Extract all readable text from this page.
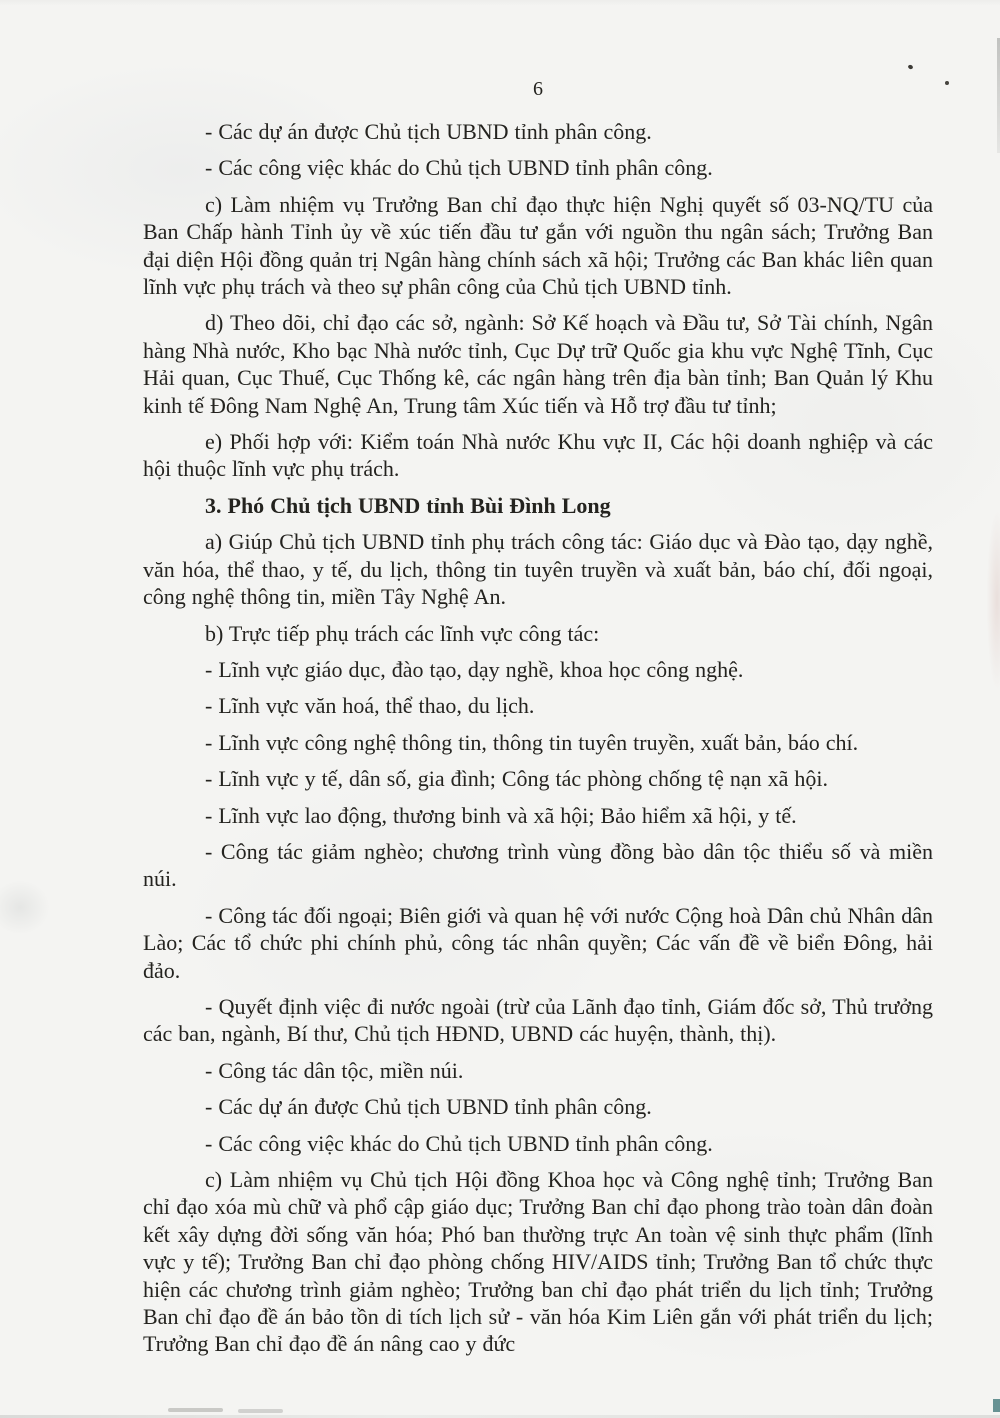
6

- Các dự án được Chủ tịch UBND tỉnh phân công.

- Các công việc khác do Chủ tịch UBND tỉnh phân công.

c) Làm nhiệm vụ Trưởng Ban chỉ đạo thực hiện Nghị quyết số 03-NQ/TU của Ban Chấp hành Tỉnh ủy về xúc tiến đầu tư gắn với nguồn thu ngân sách; Trưởng Ban đại diện Hội đồng quản trị Ngân hàng chính sách xã hội; Trưởng các Ban khác liên quan lĩnh vực phụ trách và theo sự phân công của Chủ tịch UBND tỉnh.

d) Theo dõi, chỉ đạo các sở, ngành: Sở Kế hoạch và Đầu tư, Sở Tài chính, Ngân hàng Nhà nước, Kho bạc Nhà nước tỉnh, Cục Dự trữ Quốc gia khu vực Nghệ Tĩnh, Cục Hải quan, Cục Thuế, Cục Thống kê, các ngân hàng trên địa bàn tỉnh; Ban Quản lý Khu kinh tế Đông Nam Nghệ An, Trung tâm Xúc tiến và Hỗ trợ đầu tư tỉnh;

e) Phối hợp với: Kiểm toán Nhà nước Khu vực II, Các hội doanh nghiệp và các hội thuộc lĩnh vực phụ trách.

3. Phó Chủ tịch UBND tỉnh Bùi Đình Long

a) Giúp Chủ tịch UBND tỉnh phụ trách công tác: Giáo dục và Đào tạo, dạy nghề, văn hóa, thể thao, y tế, du lịch, thông tin tuyên truyền và xuất bản, báo chí, đối ngoại, công nghệ thông tin, miền Tây Nghệ An.

b) Trực tiếp phụ trách các lĩnh vực công tác:

- Lĩnh vực giáo dục, đào tạo, dạy nghề, khoa học công nghệ.

- Lĩnh vực văn hoá, thể thao, du lịch.

- Lĩnh vực công nghệ thông tin, thông tin tuyên truyền, xuất bản, báo chí.

- Lĩnh vực y tế, dân số, gia đình; Công tác phòng chống tệ nạn xã hội.

- Lĩnh vực lao động, thương binh và xã hội; Bảo hiểm xã hội, y tế.

- Công tác giảm nghèo; chương trình vùng đồng bào dân tộc thiểu số và miền núi.

- Công tác đối ngoại; Biên giới và quan hệ với nước Cộng hoà Dân chủ Nhân dân Lào; Các tổ chức phi chính phủ, công tác nhân quyền; Các vấn đề về biển Đông, hải đảo.

- Quyết định việc đi nước ngoài (trừ của Lãnh đạo tỉnh, Giám đốc sở, Thủ trưởng các ban, ngành, Bí thư, Chủ tịch HĐND, UBND các huyện, thành, thị).

- Công tác dân tộc, miền núi.

- Các dự án được Chủ tịch UBND tỉnh phân công.

- Các công việc khác do Chủ tịch UBND tỉnh phân công.

c) Làm nhiệm vụ Chủ tịch Hội đồng Khoa học và Công nghệ tỉnh; Trưởng Ban chỉ đạo xóa mù chữ và phổ cập giáo dục; Trưởng Ban chỉ đạo phong trào toàn dân đoàn kết xây dựng đời sống văn hóa; Phó ban thường trực An toàn vệ sinh thực phẩm (lĩnh vực y tế); Trưởng Ban chỉ đạo phòng chống HIV/AIDS tỉnh; Trưởng Ban tổ chức thực hiện các chương trình giảm nghèo; Trưởng ban chỉ đạo phát triển du lịch tỉnh; Trưởng Ban chỉ đạo đề án bảo tồn di tích lịch sử - văn hóa Kim Liên gắn với phát triển du lịch; Trưởng Ban chỉ đạo đề án nâng cao y đức
